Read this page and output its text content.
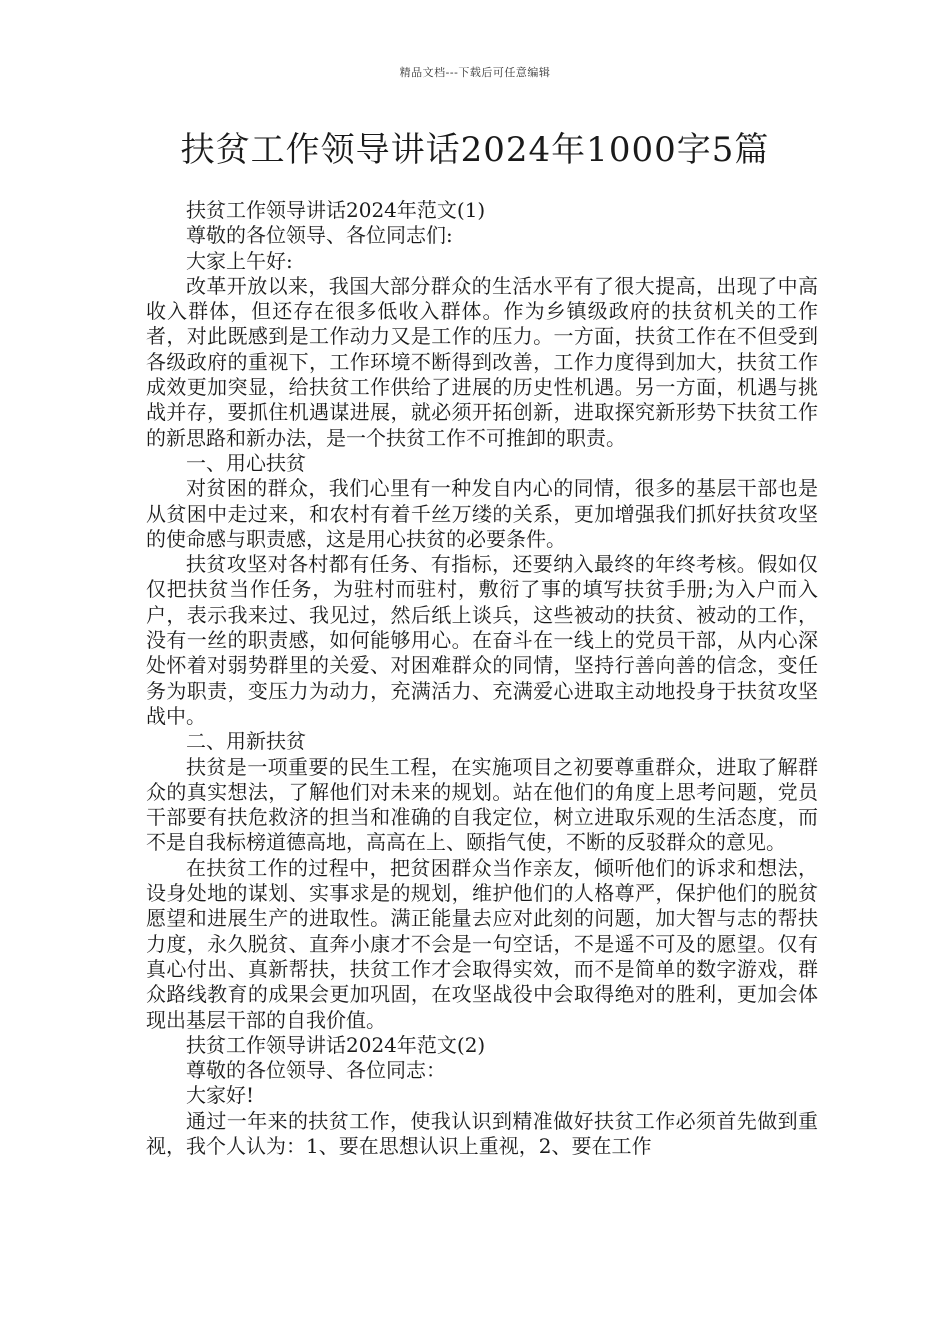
精品文档---下载后可任意编辑
扶贫工作领导讲话2024年1000字5篇

扶贫工作领导讲话2024年范文(1)

尊敬的各位领导、各位同志们:

大家上午好:

改革开放以来，我国大部分群众的生活水平有了很大提高，出现了中高收入群体，但还存在很多低收入群体。作为乡镇级政府的扶贫机关的工作者，对此既感到是工作动力又是工作的压力。一方面，扶贫工作在不但受到各级政府的重视下，工作环境不断得到改善，工作力度得到加大，扶贫工作成效更加突显，给扶贫工作供给了进展的历史性机遇。另一方面，机遇与挑战并存，要抓住机遇谋进展，就必须开拓创新，进取探究新形势下扶贫工作的新思路和新办法，是一个扶贫工作不可推卸的职责。

一、用心扶贫

对贫困的群众，我们心里有一种发自内心的同情，很多的基层干部也是从贫困中走过来，和农村有着千丝万缕的关系，更加增强我们抓好扶贫攻坚的使命感与职责感，这是用心扶贫的必要条件。

扶贫攻坚对各村都有任务、有指标，还要纳入最终的年终考核。假如仅仅把扶贫当作任务，为驻村而驻村，敷衍了事的填写扶贫手册;为入户而入户，表示我来过、我见过，然后纸上谈兵，这些被动的扶贫、被动的工作，没有一丝的职责感，如何能够用心。在奋斗在一线上的党员干部，从内心深处怀着对弱势群里的关爱、对困难群众的同情，坚持行善向善的信念，变任务为职责，变压力为动力，充满活力、充满爱心进取主动地投身于扶贫攻坚战中。

二、用新扶贫

扶贫是一项重要的民生工程，在实施项目之初要尊重群众，进取了解群众的真实想法，了解他们对未来的规划。站在他们的角度上思考问题，党员干部要有扶危救济的担当和准确的自我定位，树立进取乐观的生活态度，而不是自我标榜道德高地，高高在上、颐指气使，不断的反驳群众的意见。

在扶贫工作的过程中，把贫困群众当作亲友，倾听他们的诉求和想法，设身处地的谋划、实事求是的规划，维护他们的人格尊严，保护他们的脱贫愿望和进展生产的进取性。满正能量去应对此刻的问题，加大智与志的帮扶力度，永久脱贫、直奔小康才不会是一句空话，不是遥不可及的愿望。仅有真心付出、真新帮扶，扶贫工作才会取得实效，而不是简单的数字游戏，群众路线教育的成果会更加巩固，在攻坚战役中会取得绝对的胜利，更加会体现出基层干部的自我价值。

扶贫工作领导讲话2024年范文(2)

尊敬的各位领导、各位同志：

大家好!

通过一年来的扶贫工作，使我认识到精准做好扶贫工作必须首先做到重视，我个人认为：1、要在思想认识上重视，2、要在工作
